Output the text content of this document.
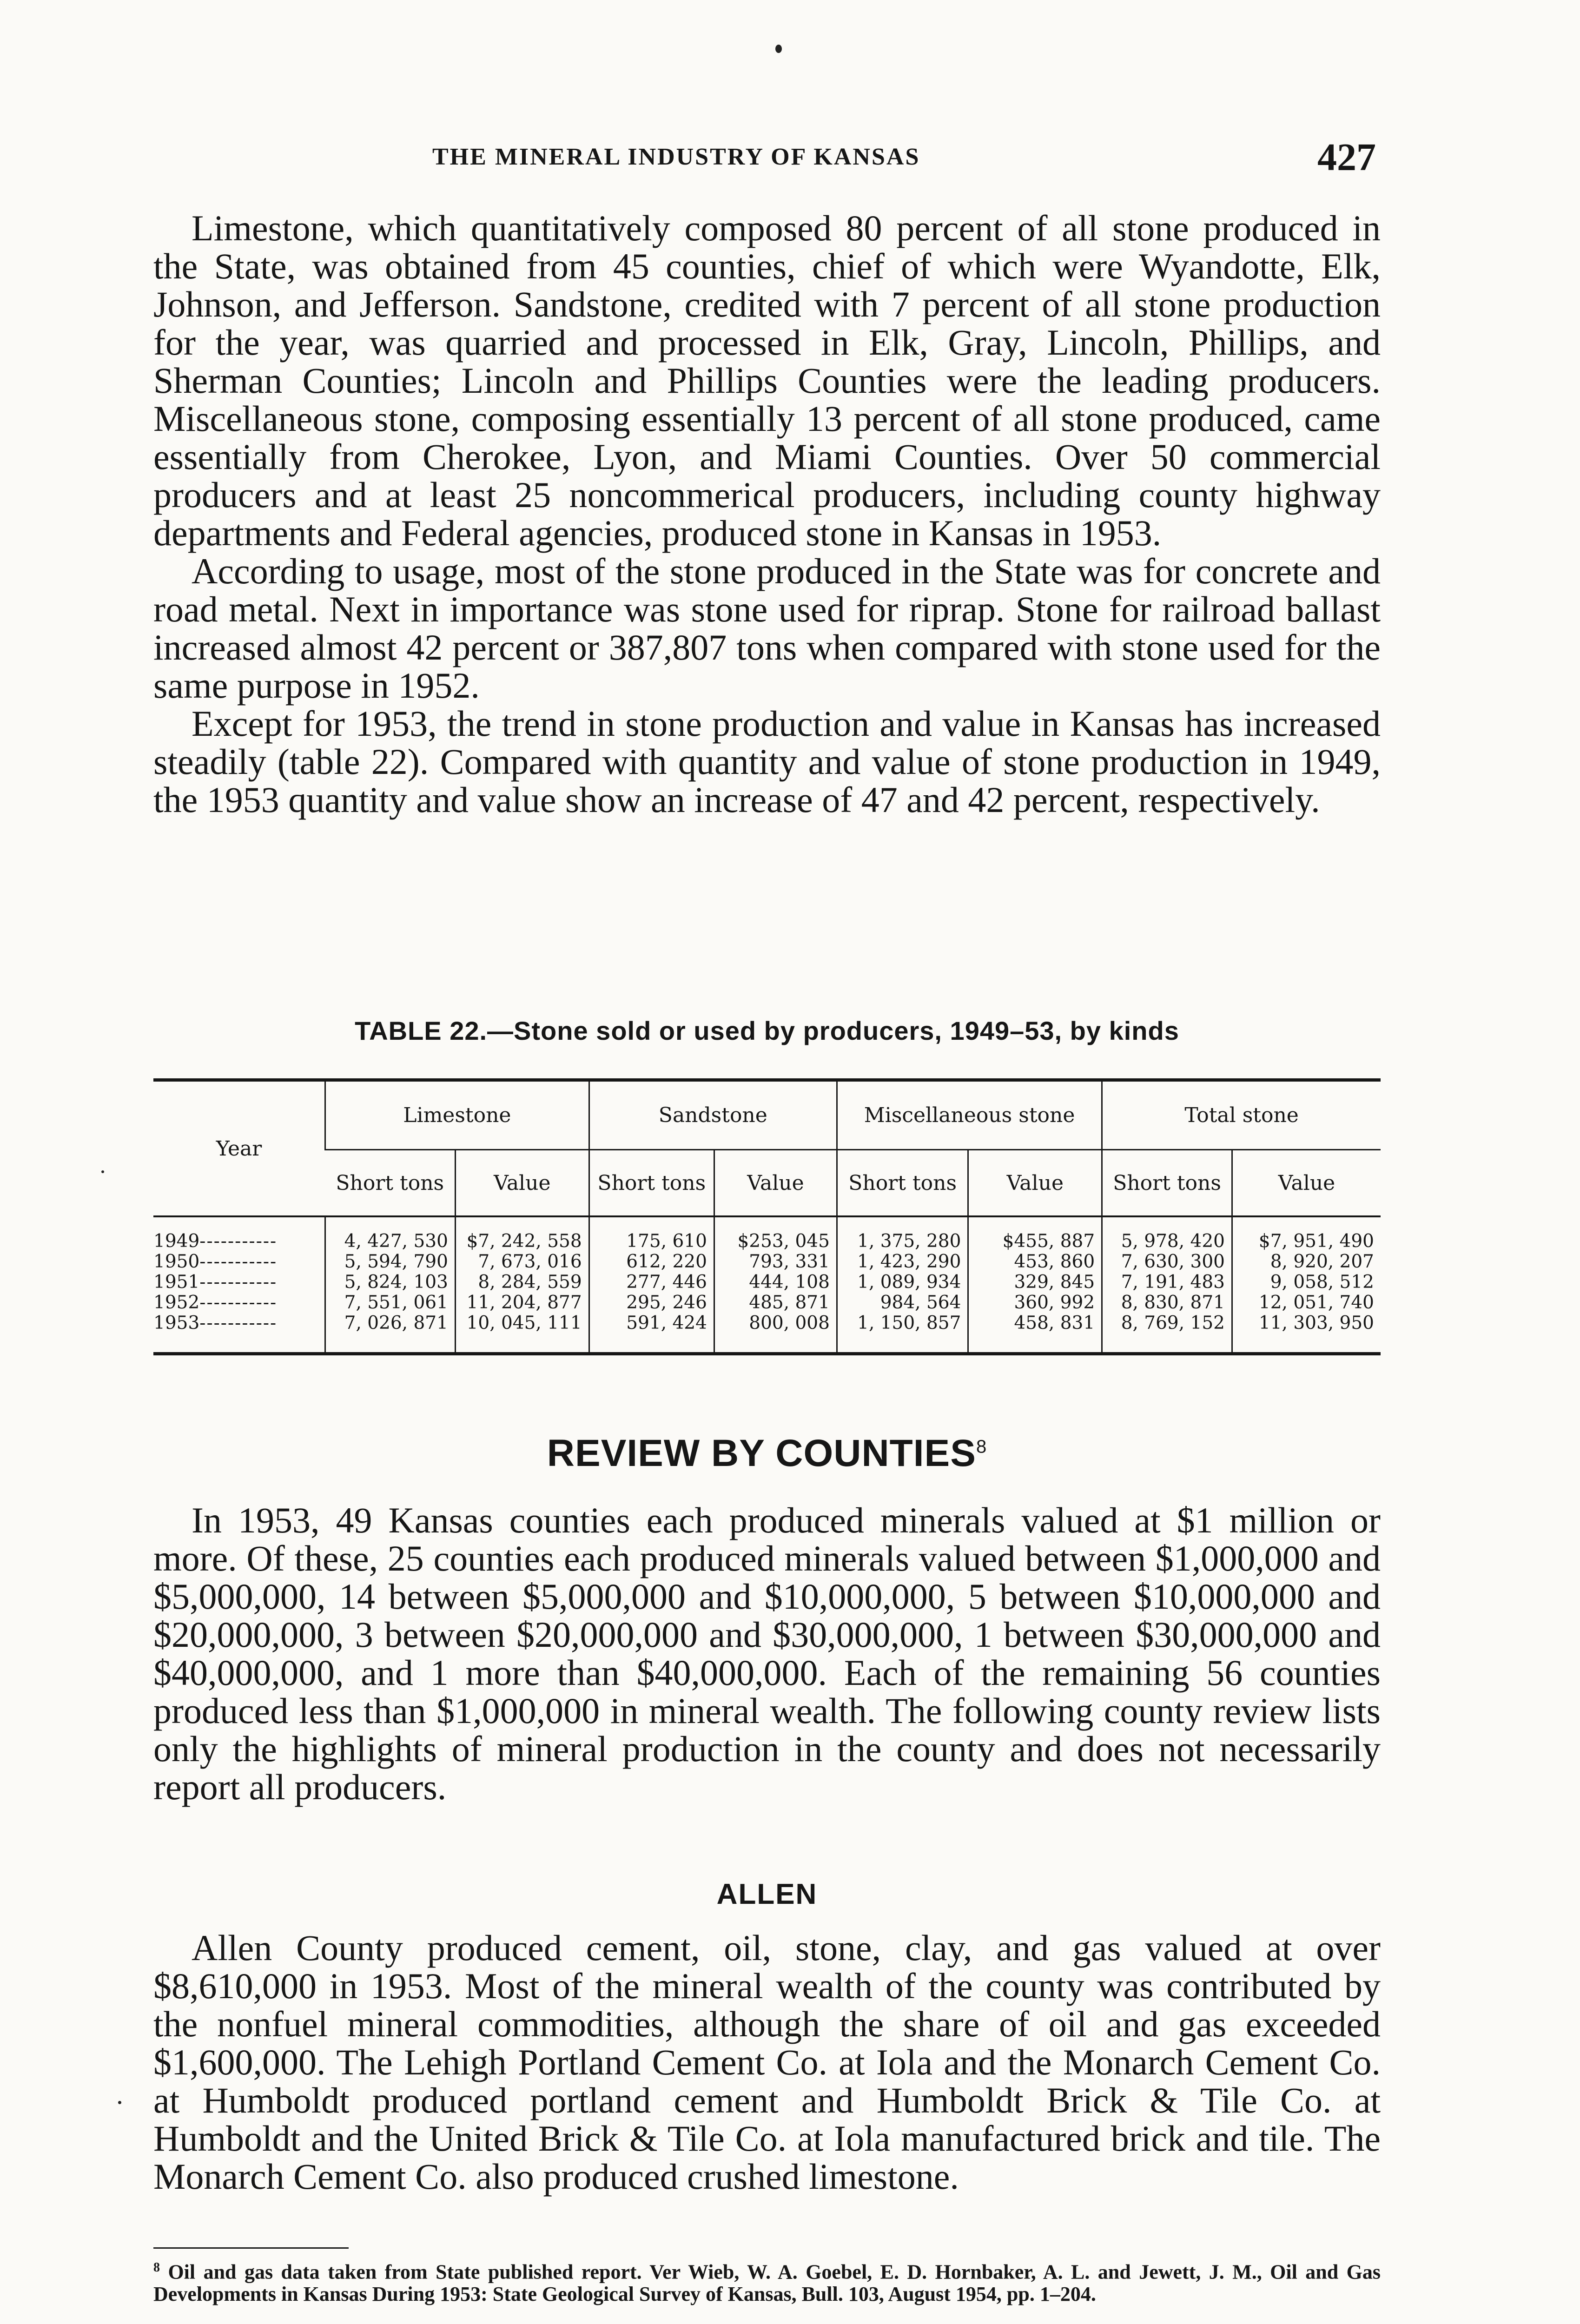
THE MINERAL INDUSTRY OF KANSAS	427

Limestone, which quantitatively composed 80 percent of all stone produced in the State, was obtained from 45 counties, chief of which were Wyandotte, Elk, Johnson, and Jefferson. Sandstone, credited with 7 percent of all stone production for the year, was quarried and processed in Elk, Gray, Lincoln, Phillips, and Sherman Counties; Lincoln and Phillips Counties were the leading producers. Miscellaneous stone, composing essentially 13 percent of all stone produced, came essentially from Cherokee, Lyon, and Miami Counties. Over 50 commercial producers and at least 25 noncommerical producers, including county highway departments and Federal agencies, produced stone in Kansas in 1953.

According to usage, most of the stone produced in the State was for concrete and road metal. Next in importance was stone used for riprap. Stone for railroad ballast increased almost 42 percent or 387,807 tons when compared with stone used for the same purpose in 1952.

Except for 1953, the trend in stone production and value in Kansas has increased steadily (table 22). Compared with quantity and value of stone production in 1949, the 1953 quantity and value show an increase of 47 and 42 percent, respectively.

TABLE 22.—Stone sold or used by producers, 1949–53, by kinds
Year	Limestone		Sandstone		Miscellaneous stone		Total stone	
	Short tons	Value	Short tons	Value	Short tons	Value	Short tons	Value
1949-----------	4, 427, 530	$7, 242, 558	175, 610	$253, 045	1, 375, 280	$455, 887	5, 978, 420	$7, 951, 490
1950-----------	5, 594, 790	7, 673, 016	612, 220	793, 331	1, 423, 290	453, 860	7, 630, 300	8, 920, 207
1951-----------	5, 824, 103	8, 284, 559	277, 446	444, 108	1, 089, 934	329, 845	7, 191, 483	9, 058, 512
1952-----------	7, 551, 061	11, 204, 877	295, 246	485, 871	984, 564	360, 992	8, 830, 871	12, 051, 740
1953-----------	7, 026, 871	10, 045, 111	591, 424	800, 008	1, 150, 857	458, 831	8, 769, 152	11, 303, 950
REVIEW BY COUNTIES$^8$

In 1953, 49 Kansas counties each produced minerals valued at $1 million or more. Of these, 25 counties each produced minerals valued between $1,000,000 and $5,000,000, 14 between $5,000,000 and $10,000,000, 5 between $10,000,000 and $20,000,000, 3 between $20,000,000 and $30,000,000, 1 between $30,000,000 and $40,000,000, and 1 more than $40,000,000. Each of the remaining 56 counties produced less than $1,000,000 in mineral wealth. The following county review lists only the highlights of mineral production in the county and does not necessarily report all producers.

ALLEN

Allen County produced cement, oil, stone, clay, and gas valued at over $8,610,000 in 1953. Most of the mineral wealth of the county was contributed by the nonfuel mineral commodities, although the share of oil and gas exceeded $1,600,000. The Lehigh Portland Cement Co. at Iola and the Monarch Cement Co. at Humboldt produced portland cement and Humboldt Brick & Tile Co. at Humboldt and the United Brick & Tile Co. at Iola manufactured brick and tile. The Monarch Cement Co. also produced crushed limestone.

$^8$ Oil and gas data taken from State published report. Ver Wieb, W. A. Goebel, E. D. Hornbaker, A. L. and Jewett, J. M., Oil and Gas Developments in Kansas During 1953: State Geological Survey of Kansas, Bull. 103, August 1954, pp. 1–204.
